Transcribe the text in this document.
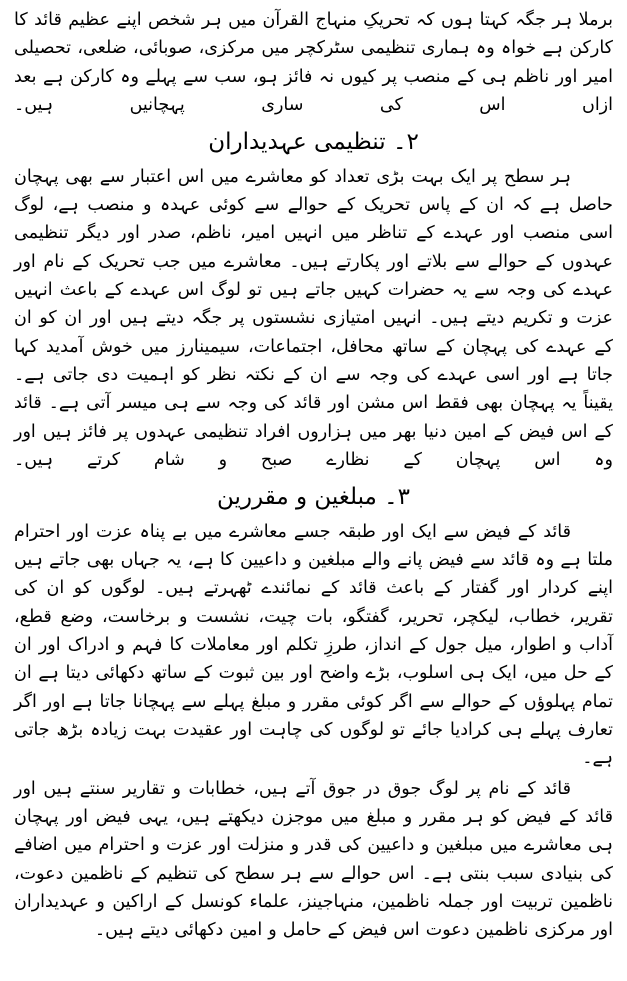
برملا ہر جگہ کہتا ہوں کہ تحریکِ منہاج القرآن میں ہر شخص اپنے عظیم قائد کا کارکن ہے خواہ وہ ہماری تنظیمی سٹرکچر میں مرکزی، صوبائی، ضلعی، تحصیلی امیر اور ناظم ہی کے منصب پر کیوں نہ فائز ہو، سب سے پہلے وہ کارکن ہے بعد ازاں اس کی ساری پہچانیں ہیں۔

٢۔ تنظیمی عہدیداران

ہر سطح پر ایک بہت بڑی تعداد کو معاشرے میں اس اعتبار سے بھی پہچان حاصل ہے کہ ان کے پاس تحریک کے حوالے سے کوئی عہدہ و منصب ہے، لوگ اسی منصب اور عہدے کے تناظر میں انہیں امیر، ناظم، صدر اور دیگر تنظیمی عہدوں کے حوالے سے بلاتے اور پکارتے ہیں۔ معاشرے میں جب تحریک کے نام اور عہدے کی وجہ سے یہ حضرات کہیں جاتے ہیں تو لوگ اس عہدے کے باعث انہیں عزت و تکریم دیتے ہیں۔ انہیں امتیازی نشستوں پر جگہ دیتے ہیں اور ان کو ان کے عہدے کی پہچان کے ساتھ محافل، اجتماعات، سیمینارز میں خوش آمدید کہا جاتا ہے اور اسی عہدے کی وجہ سے ان کے نکتہ نظر کو اہمیت دی جاتی ہے۔ یقیناً یہ پہچان بھی فقط اس مشن اور قائد کی وجہ سے ہی میسر آتی ہے۔ قائد کے اس فیض کے امین دنیا بھر میں ہزاروں افراد تنظیمی عہدوں پر فائز ہیں اور وہ اس پہچان کے نظارے صبح و شام کرتے ہیں۔

٣۔ مبلغین و مقررین

قائد کے فیض سے ایک اور طبقہ جسے معاشرے میں بے پناہ عزت اور احترام ملتا ہے وہ قائد سے فیض پانے والے مبلغین و داعیین کا ہے، یہ جہاں بھی جاتے ہیں اپنے کردار اور گفتار کے باعث قائد کے نمائندے ٹھہرتے ہیں۔ لوگوں کو ان کی تقریر، خطاب، لیکچر، تحریر، گفتگو، بات چیت، نشست و برخاست، وضع قطع، آداب و اطوار، میل جول کے انداز، طرزِ تکلم اور معاملات کا فہم و ادراک اور ان کے حل میں، ایک ہی اسلوب، بڑے واضح اور بین ثبوت کے ساتھ دکھائی دیتا ہے ان تمام پہلوؤں کے حوالے سے اگر کوئی مقرر و مبلغ پہلے سے پہچانا جاتا ہے اور اگر تعارف پہلے ہی کرادیا جائے تو لوگوں کی چاہت اور عقیدت بہت زیادہ بڑھ جاتی ہے۔

قائد کے نام پر لوگ جوق در جوق آتے ہیں، خطابات و تقاریر سنتے ہیں اور قائد کے فیض کو ہر مقرر و مبلغ میں موجزن دیکھتے ہیں، یہی فیض اور پہچان ہی معاشرے میں مبلغین و داعیین کی قدر و منزلت اور عزت و احترام میں اضافے کی بنیادی سبب بنتی ہے۔ اس حوالے سے ہر سطح کی تنظیم کے ناظمین دعوت، ناظمین تربیت اور جملہ ناظمین، منہاجینز، علماء کونسل کے اراکین و عہدیداران اور مرکزی ناظمین دعوت اس فیض کے حامل و امین دکھائی دیتے ہیں۔
